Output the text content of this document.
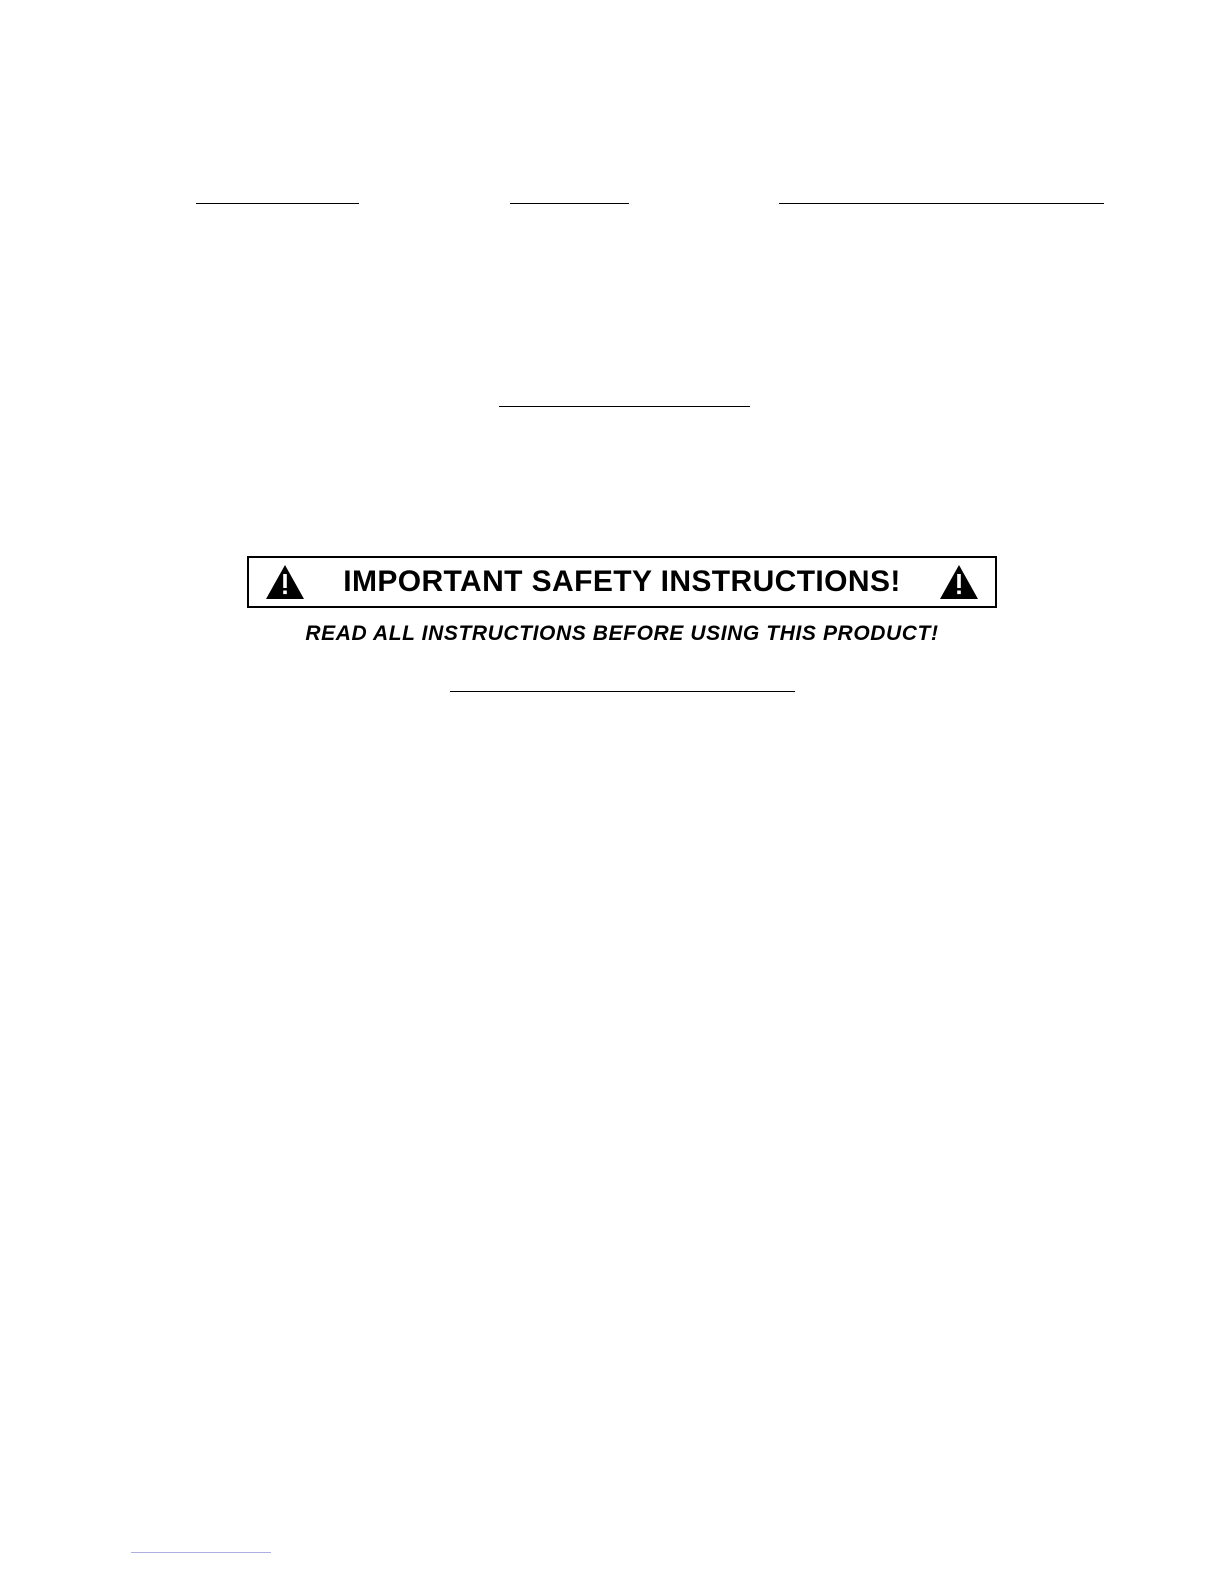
IMPORTANT SAFETY INSTRUCTIONS!
READ ALL INSTRUCTIONS BEFORE USING THIS PRODUCT!
